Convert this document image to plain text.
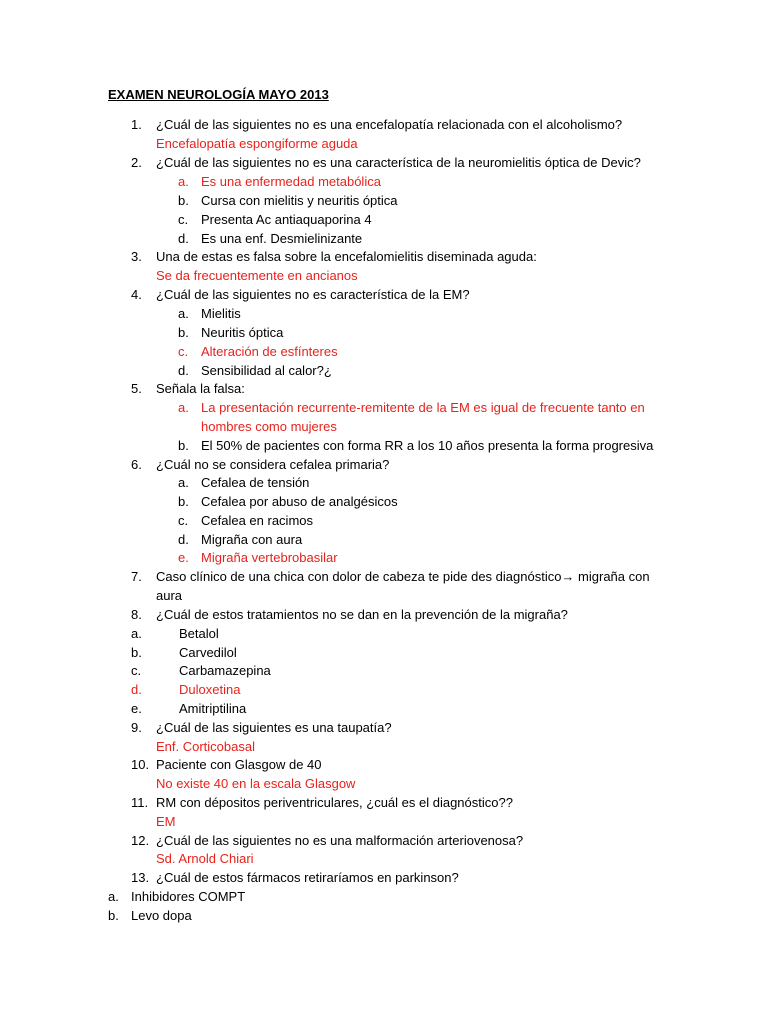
EXAMEN NEUROLOGÍA MAYO 2013
1. ¿Cuál de las siguientes no es una encefalopatía relacionada con el alcoholismo?
Encefalopatía espongiforme aguda
2. ¿Cuál de las siguientes no es una característica de la neuromielitis óptica de Devic?
a. Es una enfermedad metabólica
b. Cursa con mielitis y neuritis óptica
c. Presenta Ac antiaquaporina 4
d. Es una enf. Desmielinizante
3. Una de estas es falsa sobre la encefalomielitis diseminada aguda:
Se da frecuentemente en ancianos
4. ¿Cuál de las siguientes no es característica de la EM?
a. Mielitis
b. Neuritis óptica
c. Alteración de esfínteres
d. Sensibilidad al calor?¿
5. Señala la falsa:
a. La presentación recurrente-remitente de la EM es igual de frecuente tanto en
hombres como mujeres
b. El 50% de pacientes con forma RR a los 10 años presenta la forma progresiva
6. ¿Cuál no se considera cefalea primaria?
a. Cefalea de tensión
b. Cefalea por abuso de analgésicos
c. Cefalea en racimos
d. Migraña con aura
e. Migraña vertebrobasilar
7. Caso clínico de una chica con dolor de cabeza te pide des diagnóstico→ migraña con
aura
8. ¿Cuál de estos tratamientos no se dan en la prevención de la migraña?
a.	Betalol
b.	Carvedilol
c.	Carbamazepina
d.	Duloxetina
e.	Amitriptilina
9. ¿Cuál de las siguientes es una taupatía?
Enf. Corticobasal
10. Paciente con Glasgow de 40
No existe 40 en la escala Glasgow
11. RM con dépositos periventriculares, ¿cuál es el diagnóstico??
EM
12. ¿Cuál de las siguientes no es una malformación arteriovenosa?
Sd. Arnold Chiari
13. ¿Cuál de estos fármacos retiraríamos en parkinson?
a. Inhibidores COMPT
b. Levo dopa
